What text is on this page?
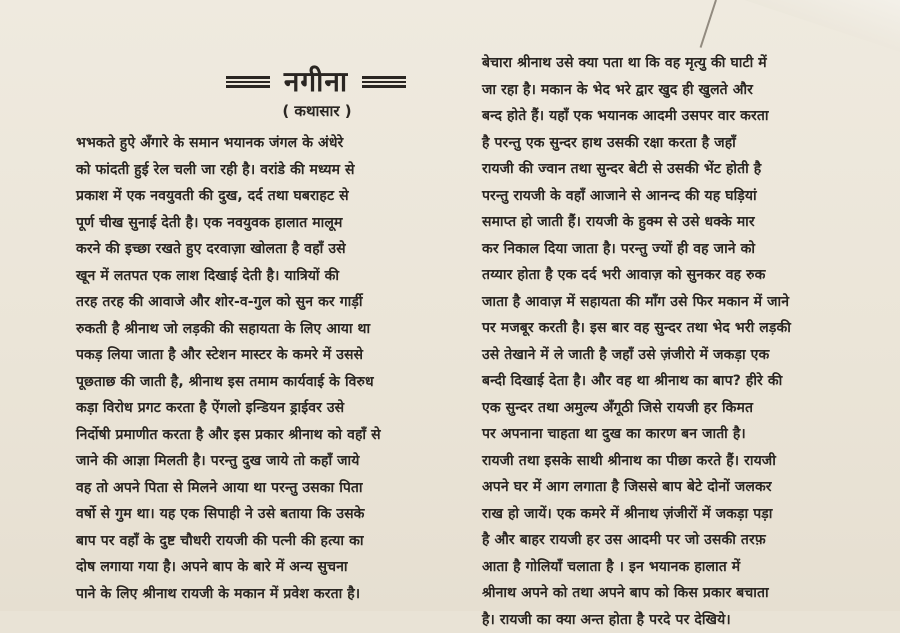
नगीना
( कथासार )
भभकते हुऐ अँगारे के समान भयानक जंगल के अंधेरे
को फांदती हुई रेल चली जा रही है। वरांडे की मध्यम से
प्रकाश में एक नवयुवती की दुख, दर्द तथा घबराहट से
पूर्ण चीख सुनाई देती है। एक नवयुवक हालात मालूम
करने की इच्छा रखते हुए दरवाज़ा खोलता है वहाँ उसे
खून में लतपत एक लाश दिखाई देती है। यात्रियों की
तरह तरह की आवाजे और शोर-व-गुल को सुन कर गार्ड़ी
रुकती है श्रीनाथ जो लड़की की सहायता के लिए आया था
पकड़ लिया जाता है और स्टेशन मास्टर के कमरे में उससे
पूछताछ की जाती है, श्रीनाथ इस तमाम कार्यवाई के विरुध
कड़ा विरोध प्रगट करता है ऐंगलो इन्डियन ड्राईवर उसे
निर्दोषी प्रमाणीत करता है और इस प्रकार श्रीनाथ को वहाँ से
जाने की आज्ञा मिलती है। परन्तु दुख जाये तो कहाँ जाये
वह तो अपने पिता से मिलने आया था परन्तु उसका पिता
वर्षो से गुम था। यह एक सिपाही ने उसे बताया कि उसके
बाप पर वहाँ के दुष्ट चौधरी रायजी की पत्नी की हत्या का
दोष लगाया गया है। अपने बाप के बारे में अन्य सुचना
पाने के लिए श्रीनाथ रायजी के मकान में प्रवेश करता है।
बेचारा श्रीनाथ उसे क्या पता था कि वह मृत्यु की घाटी में
जा रहा है। मकान के भेद भरे द्वार खुद ही खुलते और
बन्द होते हैं। यहाँ एक भयानक आदमी उसपर वार करता
है परन्तु एक सुन्दर हाथ उसकी रक्षा करता है जहाँ
रायजी की ज्वान तथा सुन्दर बेटी से उसकी भेंट होती है
परन्तु रायजी के वहाँ आजाने से आनन्द की यह घड़ियां
समाप्त हो जाती हैं। रायजी के हुक्म से उसे धक्के मार
कर निकाल दिया जाता है। परन्तु ज्यों ही वह जाने को
तय्यार होता है एक दर्द भरी आवाज़ को सुनकर वह रुक
जाता है आवाज़ में सहायता की माँग उसे फिर मकान में जाने
पर मजबूर करती है। इस बार वह सुन्दर तथा भेद भरी लड़की
उसे तेखाने में ले जाती है जहाँ उसे ज़ंजीरो में जकड़ा एक
बन्दी दिखाई देता है। और वह था श्रीनाथ का बाप? हीरे की
एक सुन्दर तथा अमुल्य अँगूठी जिसे रायजी हर किमत
पर अपनाना चाहता था दुख का कारण बन जाती है।
रायजी तथा इसके साथी श्रीनाथ का पीछा करते हैं। रायजी
अपने घर में आग लगाता है जिससे बाप बेटे दोनों जलकर
राख हो जायें। एक कमरे में श्रीनाथ ज़ंजीरों में जकड़ा पड़ा
है और बाहर रायजी हर उस आदमी पर जो उसकी तरफ़
आता है गोलियाँ चलाता है । इन भयानक हालात में
श्रीनाथ अपने को तथा अपने बाप को किस प्रकार बचाता
है। रायजी का क्या अन्त होता है परदे पर देखिये।
